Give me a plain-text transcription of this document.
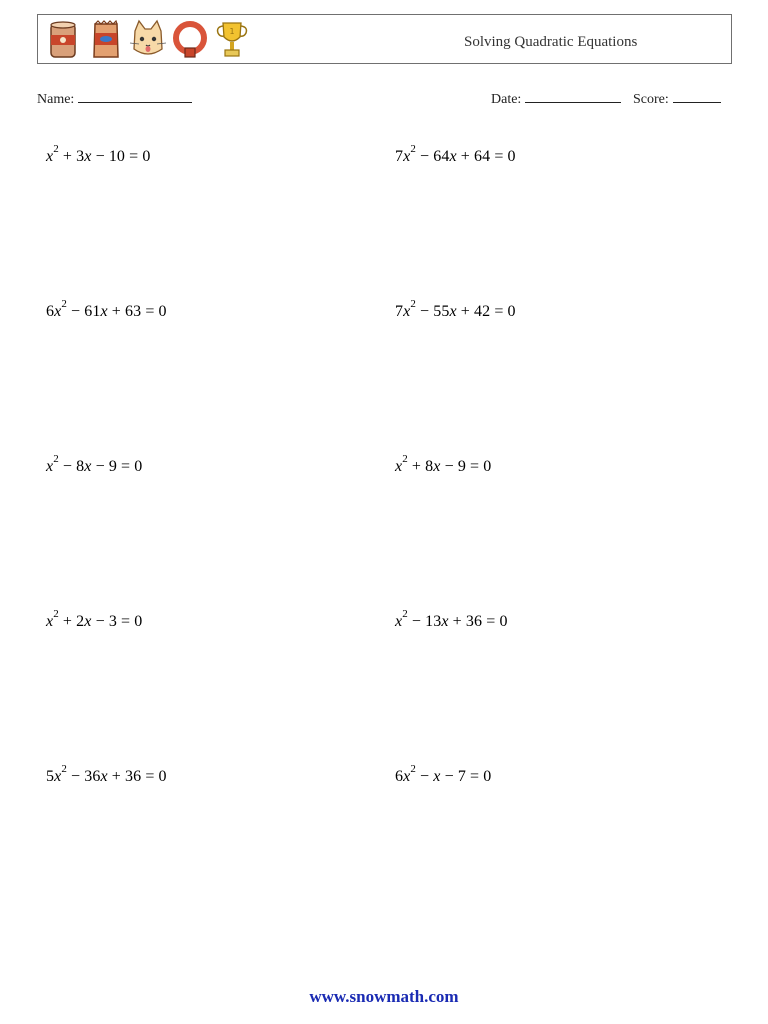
1
Solving Quadratic Equations
Name:	Date:	Score:
$x^2 + 3x - 10 = 0$	$7x^2 - 64x + 64 = 0$
$6x^2 - 61x + 63 = 0$	$7x^2 - 55x + 42 = 0$
$x^2 - 8x - 9 = 0$	$x^2 + 8x - 9 = 0$
$x^2 + 2x - 3 = 0$	$x^2 - 13x + 36 = 0$
$5x^2 - 36x + 36 = 0$	$6x^2 - x - 7 = 0$
www.snowmath.com
